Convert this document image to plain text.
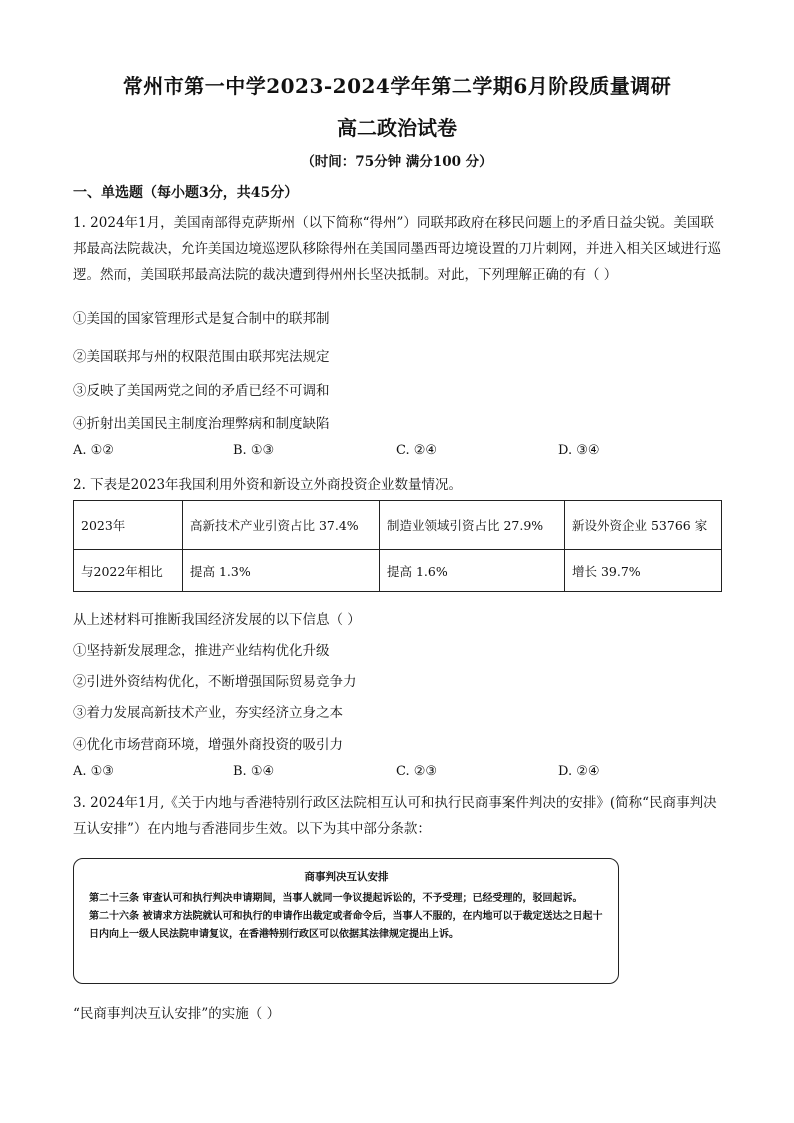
常州市第一中学2023-2024学年第二学期6月阶段质量调研
高二政治试卷
（时间：75分钟 满分100 分）
一、单选题（每小题3分，共45分）
1. 2024年1月，美国南部得克萨斯州（以下简称“得州”）同联邦政府在移民问题上的矛盾日益尖锐。美国联邦最高法院裁决，允许美国边境巡逻队移除得州在美国同墨西哥边境设置的刀片刺网，并进入相关区域进行巡逻。然而，美国联邦最高法院的裁决遭到得州州长坚决抵制。对此，下列理解正确的有（ ）
①美国的国家管理形式是复合制中的联邦制
②美国联邦与州的权限范围由联邦宪法规定
③反映了美国两党之间的矛盾已经不可调和
④折射出美国民主制度治理弊病和制度缺陷
A. ①②	B. ①③	C. ②④	D. ③④
2. 下表是2023年我国利用外资和新设立外商投资企业数量情况。
2023年	高新技术产业引资占比 37.4%	制造业领域引资占比 27.9%	新设外资企业 53766 家
与2022年相比	提高 1.3%	提高 1.6%	增长 39.7%
从上述材料可推断我国经济发展的以下信息（ ）
①坚持新发展理念，推进产业结构优化升级
②引进外资结构优化，不断增强国际贸易竞争力
③着力发展高新技术产业，夯实经济立身之本
④优化市场营商环境，增强外商投资的吸引力
A. ①③	B. ①④	C. ②③	D. ②④
3. 2024年1月,《关于内地与香港特别行政区法院相互认可和执行民商事案件判决的安排》(简称“民商事判决互认安排”）在内地与香港同步生效。以下为其中部分条款：
商事判决互认安排
第二十三条 审查认可和执行判决申请期间，当事人就同一争议提起诉讼的，不予受理；已经受理的，驳回起诉。
第二十六条 被请求方法院就认可和执行的申请作出裁定或者命令后，当事人不服的，在内地可以于裁定送达之日起十日内向上一级人民法院申请复议，在香港特别行政区可以依据其法律规定提出上诉。
“民商事判决互认安排”的实施（ ）
